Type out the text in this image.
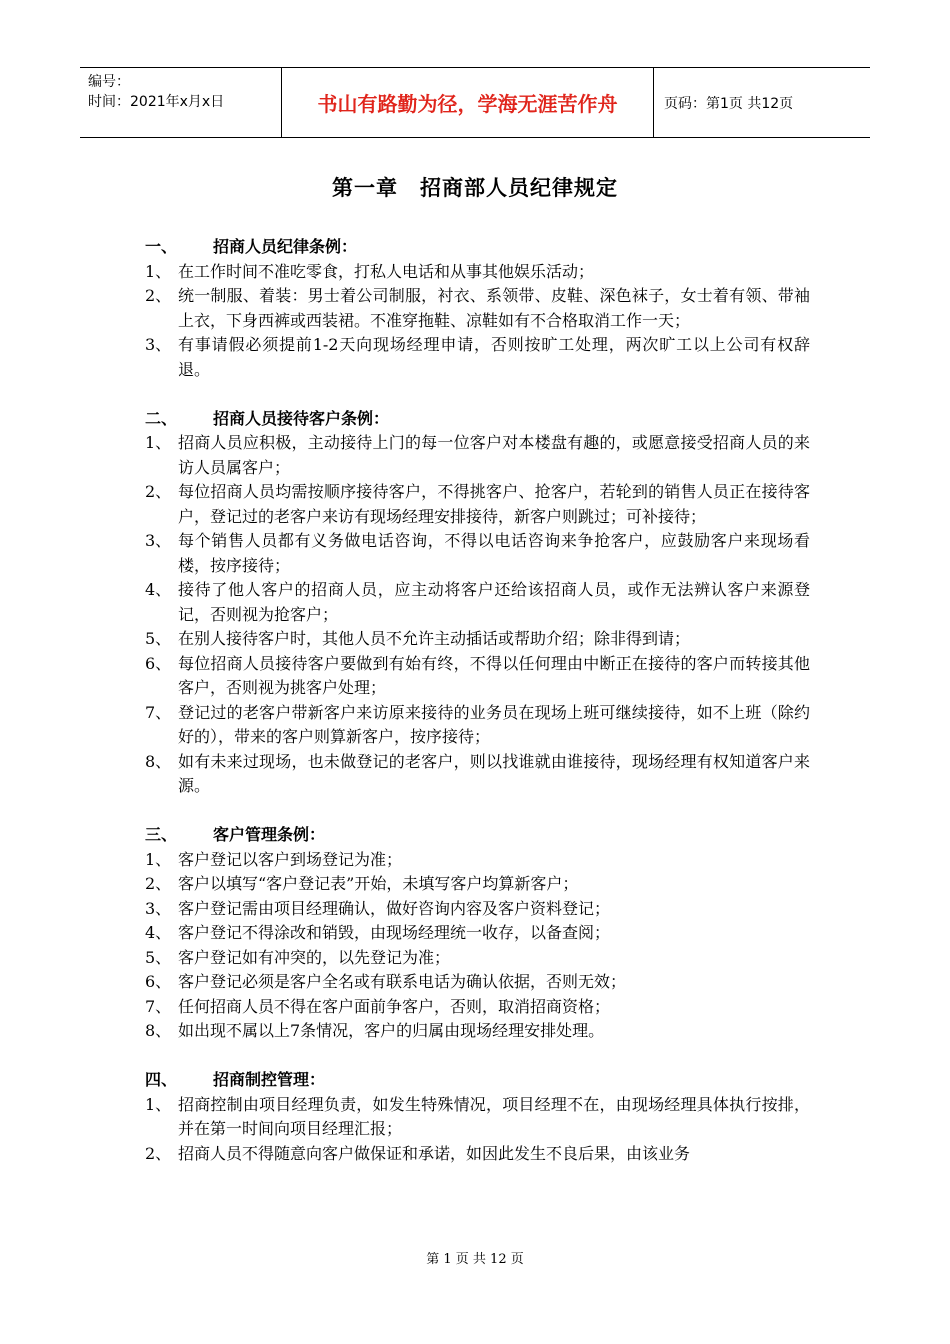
编号：
时间：2021年x月x日	书山有路勤为径，学海无涯苦作舟	页码：第1页 共12页
第一章　招商部人员纪律规定
一、	招商人员纪律条例：
1、 在工作时间不准吃零食，打私人电话和从事其他娱乐活动；
2、 统一制服、着装：男士着公司制服，衬衣、系领带、皮鞋、深色袜子，女士着有领、带袖上衣，下身西裤或西装裙。不准穿拖鞋、凉鞋如有不合格取消工作一天；
3、 有事请假必须提前1-2天向现场经理申请，否则按旷工处理，两次旷工以上公司有权辞退。
二、	招商人员接待客户条例：
1、 招商人员应积极，主动接待上门的每一位客户对本楼盘有趣的，或愿意接受招商人员的来访人员属客户；
2、 每位招商人员均需按顺序接待客户，不得挑客户、抢客户，若轮到的销售人员正在接待客户，登记过的老客户来访有现场经理安排接待，新客户则跳过；可补接待；
3、 每个销售人员都有义务做电话咨询，不得以电话咨询来争抢客户，应鼓励客户来现场看楼，按序接待；
4、 接待了他人客户的招商人员，应主动将客户还给该招商人员，或作无法辨认客户来源登记，否则视为抢客户；
5、 在别人接待客户时，其他人员不允许主动插话或帮助介绍；除非得到请；
6、 每位招商人员接待客户要做到有始有终，不得以任何理由中断正在接待的客户而转接其他客户，否则视为挑客户处理；
7、 登记过的老客户带新客户来访原来接待的业务员在现场上班可继续接待，如不上班（除约好的），带来的客户则算新客户，按序接待；
8、 如有未来过现场，也未做登记的老客户，则以找谁就由谁接待，现场经理有权知道客户来源。
三、	客户管理条例：
1、 客户登记以客户到场登记为准；
2、 客户以填写“客户登记表”开始，未填写客户均算新客户；
3、 客户登记需由项目经理确认，做好咨询内容及客户资料登记；
4、 客户登记不得涂改和销毁，由现场经理统一收存，以备查阅；
5、 客户登记如有冲突的，以先登记为准；
6、 客户登记必须是客户全名或有联系电话为确认依据，否则无效；
7、 任何招商人员不得在客户面前争客户，否则，取消招商资格；
8、 如出现不属以上7条情况，客户的归属由现场经理安排处理。
四、	招商制控管理：
1、 招商控制由项目经理负责，如发生特殊情况，项目经理不在，由现场经理具体执行按排，并在第一时间向项目经理汇报；
2、 招商人员不得随意向客户做保证和承诺，如因此发生不良后果，由该业务
第 1 页 共 12 页
